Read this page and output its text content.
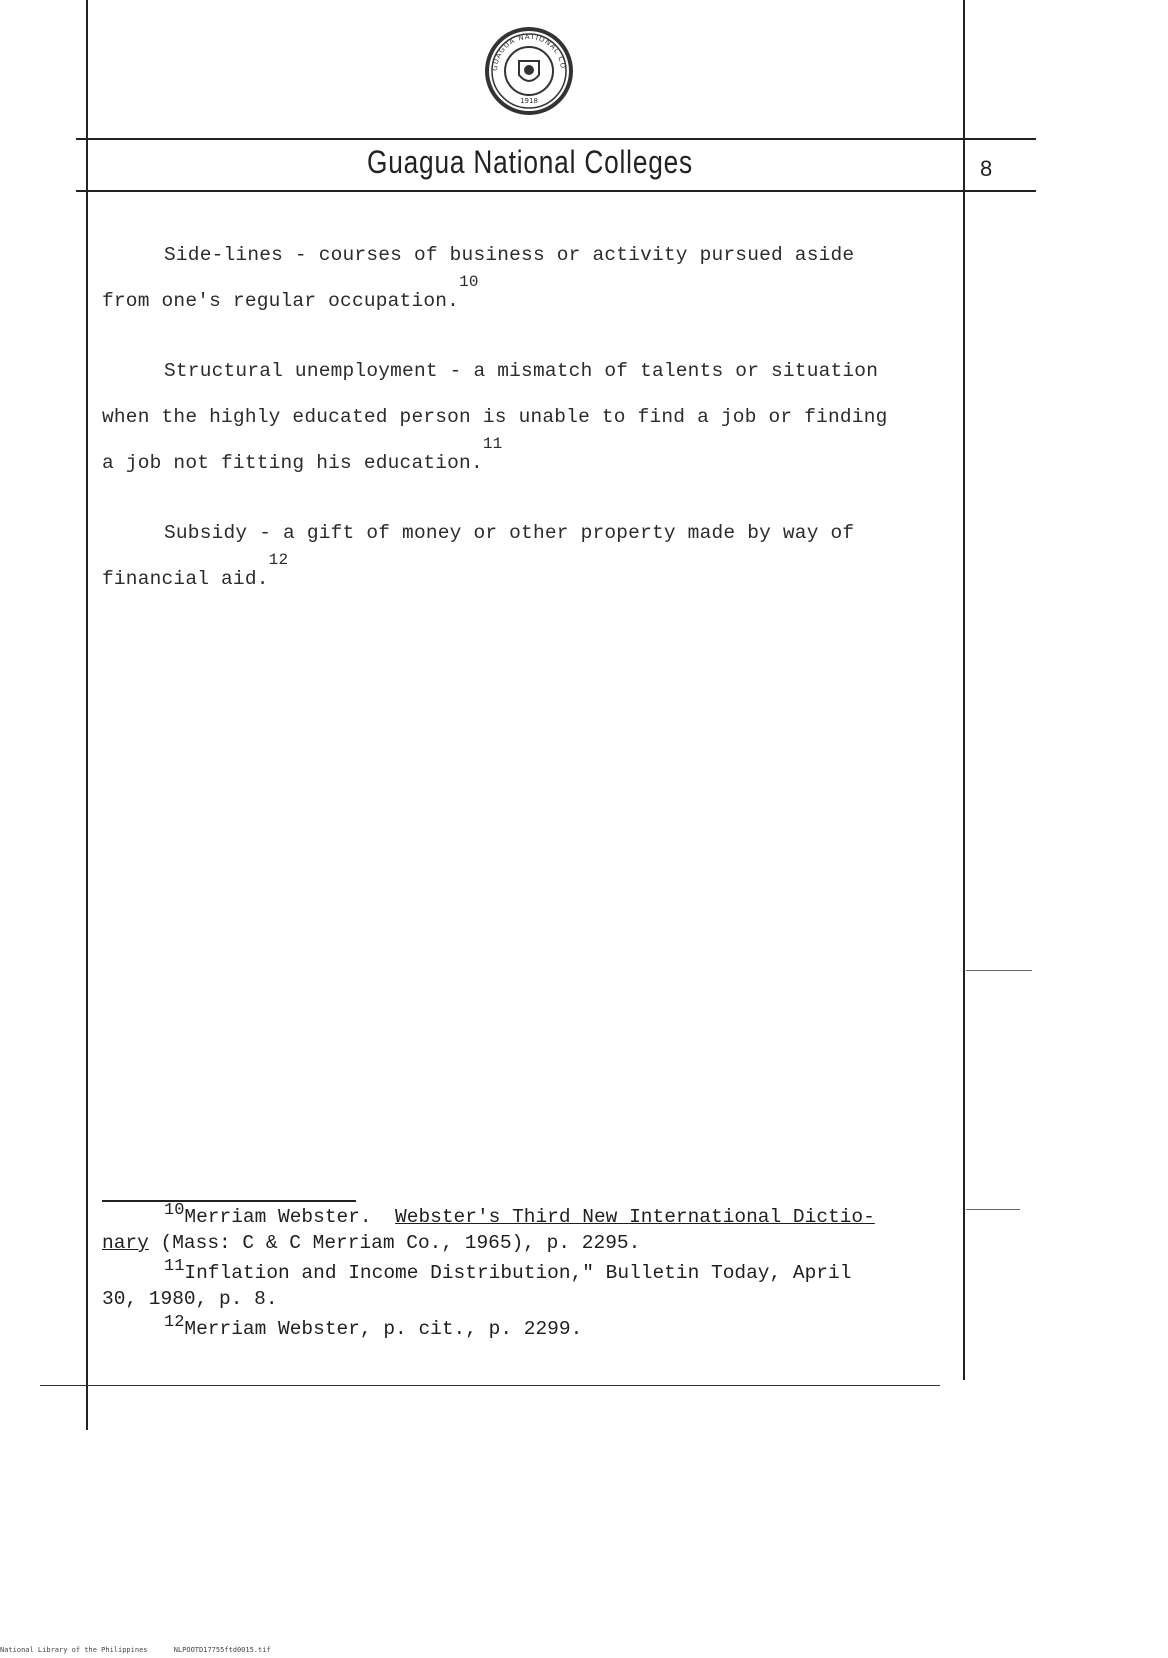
GUAGUA NATIONAL CO
1918
Guagua National Colleges	8

Side-lines - courses of business or activity pursued aside

from one's regular occupation.$^{10}$

Structural unemployment - a mismatch of talents or situation

when the highly educated person is unable to find a job or finding

a job not fitting his education.$^{11}$

Subsidy - a gift of money or other property made by way of

financial aid.$^{12}$

10Merriam Webster. Webster's Third New International Dictio-
nary (Mass: C & C Merriam Co., 1965), p. 2295.
11Inflation and Income Distribution," Bulletin Today, April
30, 1980, p. 8.
12Merriam Webster, p. cit., p. 2299.
National Library of the Philippines	NLPOOTD17755ftd0015.tif
